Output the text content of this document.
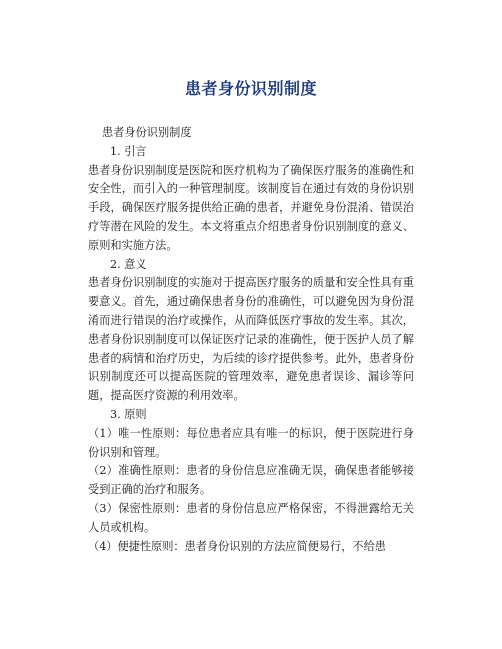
患者身份识别制度

患者身份识别制度

1. 引言

患者身份识别制度是医院和医疗机构为了确保医疗服务的准确性和安全性，而引入的一种管理制度。该制度旨在通过有效的身份识别手段，确保医疗服务提供给正确的患者，并避免身份混淆、错误治疗等潜在风险的发生。本文将重点介绍患者身份识别制度的意义、原则和实施方法。

2. 意义

患者身份识别制度的实施对于提高医疗服务的质量和安全性具有重要意义。首先，通过确保患者身份的准确性，可以避免因为身份混淆而进行错误的治疗或操作，从而降低医疗事故的发生率。其次，患者身份识别制度可以保证医疗记录的准确性，便于医护人员了解患者的病情和治疗历史，为后续的诊疗提供参考。此外，患者身份识别制度还可以提高医院的管理效率，避免患者误诊、漏诊等问题，提高医疗资源的利用效率。

3. 原则

（1）唯一性原则：每位患者应具有唯一的标识，便于医院进行身份识别和管理。

（2）准确性原则：患者的身份信息应准确无误，确保患者能够接受到正确的治疗和服务。

（3）保密性原则：患者的身份信息应严格保密，不得泄露给无关人员或机构。

（4）便捷性原则：患者身份识别的方法应简便易行，不给患
